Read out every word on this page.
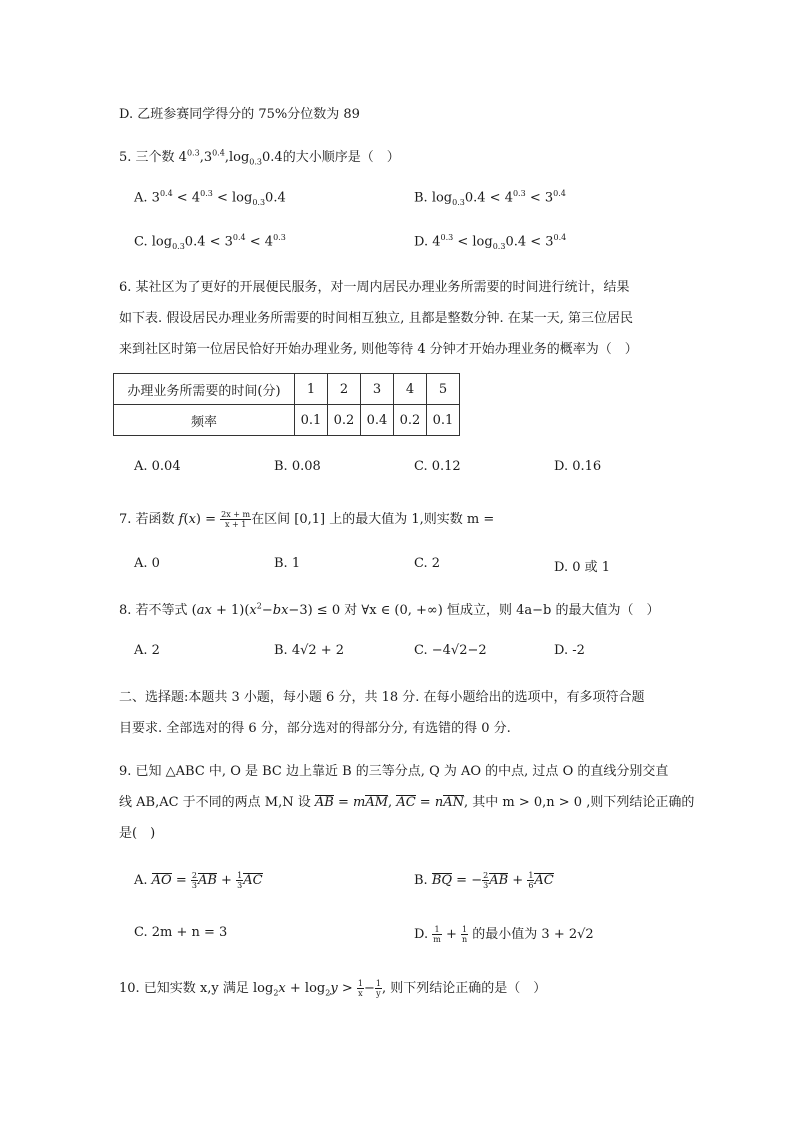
D. 乙班参赛同学得分的 75%分位数为 89
5. 三个数 $4^{0.3},3^{0.4},\log_{0.3}0.4$的大小顺序是（　）
A. $3^{0.4} < 4^{0.3} < \log_{0.3}0.4$	B. $\log_{0.3}0.4 < 4^{0.3} < 3^{0.4}$
C. $\log_{0.3}0.4 < 3^{0.4} < 4^{0.3}$	D. $4^{0.3} < \log_{0.3}0.4 < 3^{0.4}$
6. 某社区为了更好的开展便民服务，对一周内居民办理业务所需要的时间进行统计，结果
如下表. 假设居民办理业务所需要的时间相互独立, 且都是整数分钟. 在某一天, 第三位居民
来到社区时第一位居民恰好开始办理业务, 则他等待 4 分钟才开始办理业务的概率为（　）
办理业务所需要的时间(分)	1	2	3	4	5
频率	0.1	0.2	0.4	0.2	0.1
A. 0.04	B. 0.08	C. 0.12	D. 0.16
7. 若函数 $f(x) = \frac{2x + m}{x + 1}$ 在区间 [0,1] 上的最大值为 1,则实数 m =
A. 0	B. 1	C. 2	D. 0 或 1
8. 若不等式 $(ax + 1)(x^2-bx-3) \le 0$ 对 ∀x ∈ (0, +∞) 恒成立，则 4a−b 的最大值为（　）
A. 2	B. 4√2 + 2	C. −4√2−2	D. -2
二、选择题:本题共 3 小题，每小题 6 分，共 18 分. 在每小题给出的选项中，有多项符合题
目要求. 全部选对的得 6 分，部分选对的得部分分, 有选错的得 0 分.
9. 已知 △ABC 中, O 是 BC 边上靠近 B 的三等分点, Q 为 AO 的中点, 过点 O 的直线分别交直
线 AB,AC 于不同的两点 M,N 设 AB = mAM, AC = nAN, 其中 m > 0,n > 0 ,则下列结论正确的
是(　)
A. AO = $\frac{2}{3}$ AB + $\frac{1}{3}$ AC	B. BQ = − $\frac{2}{3}$ AB + $\frac{1}{6}$ AC
C. 2m + n = 3	D. $\frac{1}{m} + \frac{1}{n}$ 的最小值为 3 + 2√2
10. 已知实数 x,y 满足 $\log_2x + \log_2y > \frac{1}{x} - \frac{1}{y}$ , 则下列结论正确的是（　）
